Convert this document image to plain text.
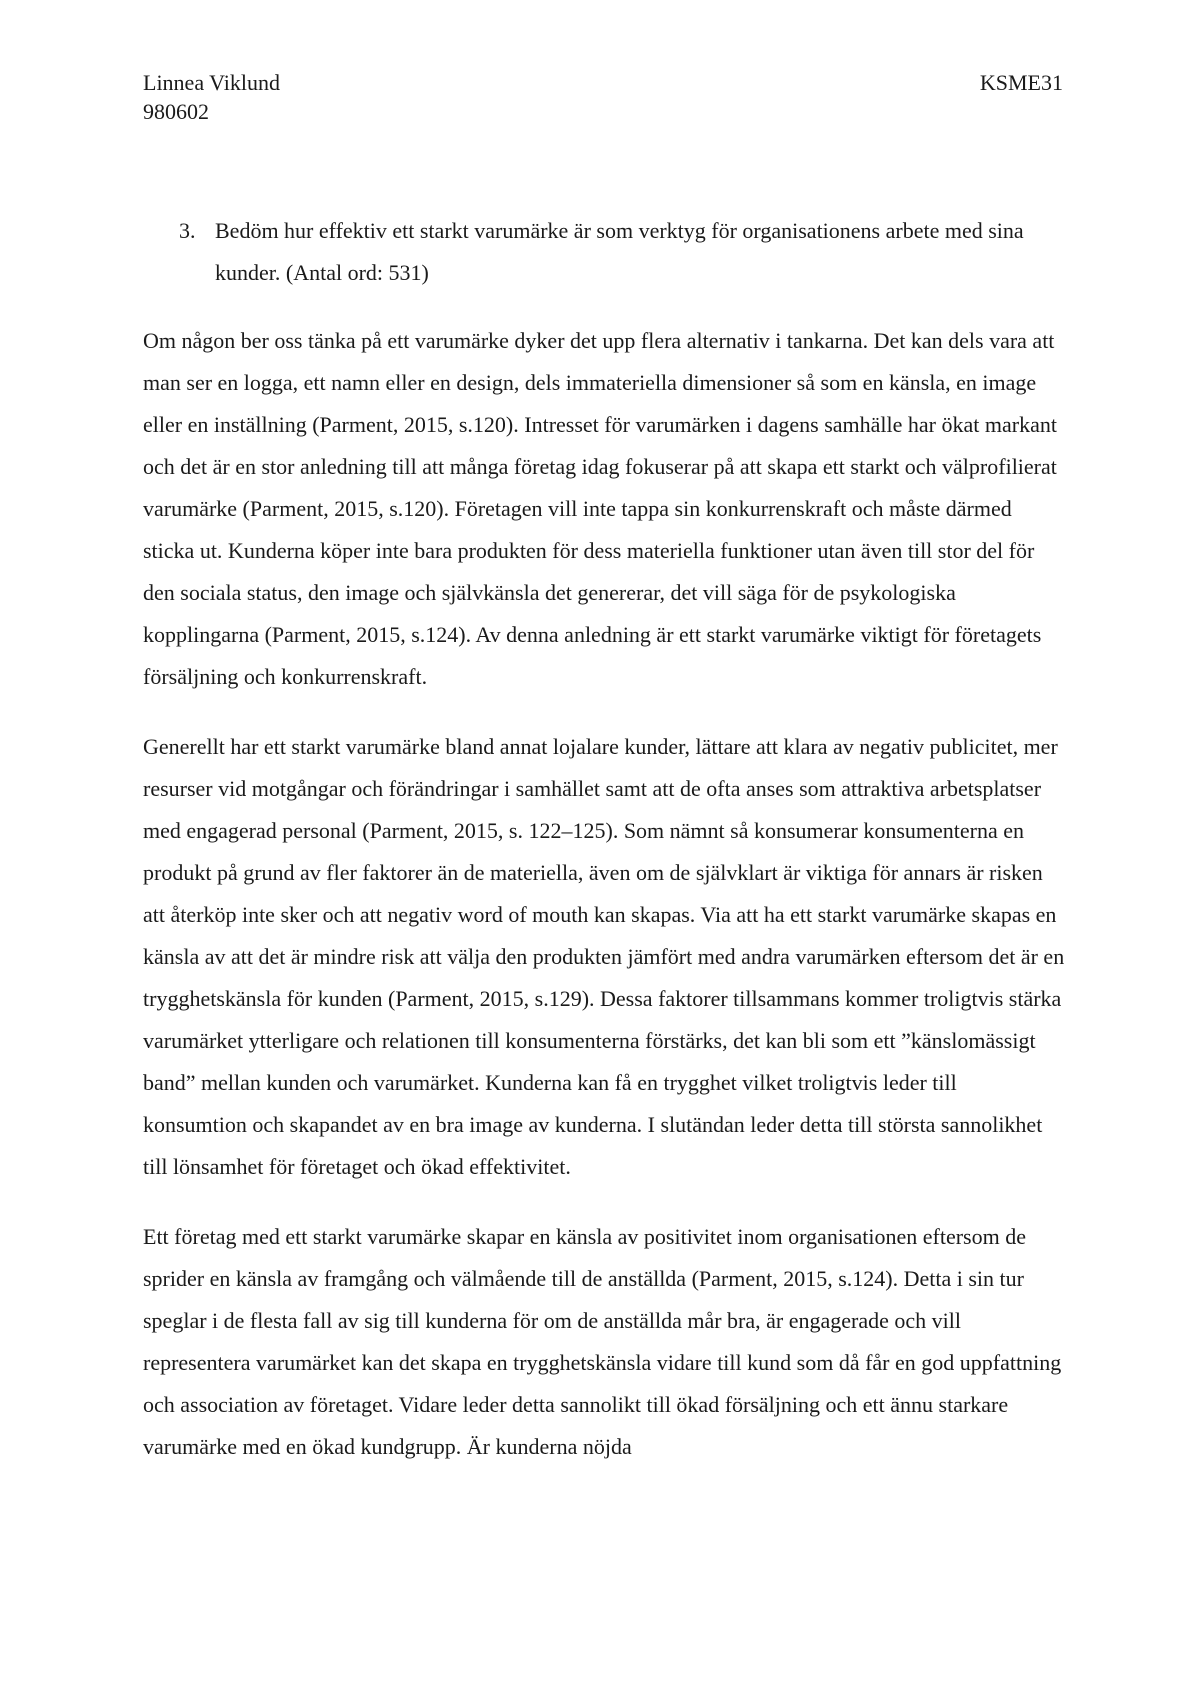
Linnea Viklund
980602
KSME31
3. Bedöm hur effektiv ett starkt varumärke är som verktyg för organisationens arbete med sina kunder. (Antal ord: 531)

Om någon ber oss tänka på ett varumärke dyker det upp flera alternativ i tankarna. Det kan dels vara att man ser en logga, ett namn eller en design, dels immateriella dimensioner så som en känsla, en image eller en inställning (Parment, 2015, s.120). Intresset för varumärken i dagens samhälle har ökat markant och det är en stor anledning till att många företag idag fokuserar på att skapa ett starkt och välprofilierat varumärke (Parment, 2015, s.120). Företagen vill inte tappa sin konkurrenskraft och måste därmed sticka ut. Kunderna köper inte bara produkten för dess materiella funktioner utan även till stor del för den sociala status, den image och självkänsla det genererar, det vill säga för de psykologiska kopplingarna (Parment, 2015, s.124). Av denna anledning är ett starkt varumärke viktigt för företagets försäljning och konkurrenskraft.

Generellt har ett starkt varumärke bland annat lojalare kunder, lättare att klara av negativ publicitet, mer resurser vid motgångar och förändringar i samhället samt att de ofta anses som attraktiva arbetsplatser med engagerad personal (Parment, 2015, s. 122–125). Som nämnt så konsumerar konsumenterna en produkt på grund av fler faktorer än de materiella, även om de självklart är viktiga för annars är risken att återköp inte sker och att negativ word of mouth kan skapas. Via att ha ett starkt varumärke skapas en känsla av att det är mindre risk att välja den produkten jämfört med andra varumärken eftersom det är en trygghetskänsla för kunden (Parment, 2015, s.129). Dessa faktorer tillsammans kommer troligtvis stärka varumärket ytterligare och relationen till konsumenterna förstärks, det kan bli som ett ”känslomässigt band” mellan kunden och varumärket. Kunderna kan få en trygghet vilket troligtvis leder till konsumtion och skapandet av en bra image av kunderna. I slutändan leder detta till största sannolikhet till lönsamhet för företaget och ökad effektivitet.

Ett företag med ett starkt varumärke skapar en känsla av positivitet inom organisationen eftersom de sprider en känsla av framgång och välmående till de anställda (Parment, 2015, s.124). Detta i sin tur speglar i de flesta fall av sig till kunderna för om de anställda mår bra, är engagerade och vill representera varumärket kan det skapa en trygghetskänsla vidare till kund som då får en god uppfattning och association av företaget. Vidare leder detta sannolikt till ökad försäljning och ett ännu starkare varumärke med en ökad kundgrupp. Är kunderna nöjda
